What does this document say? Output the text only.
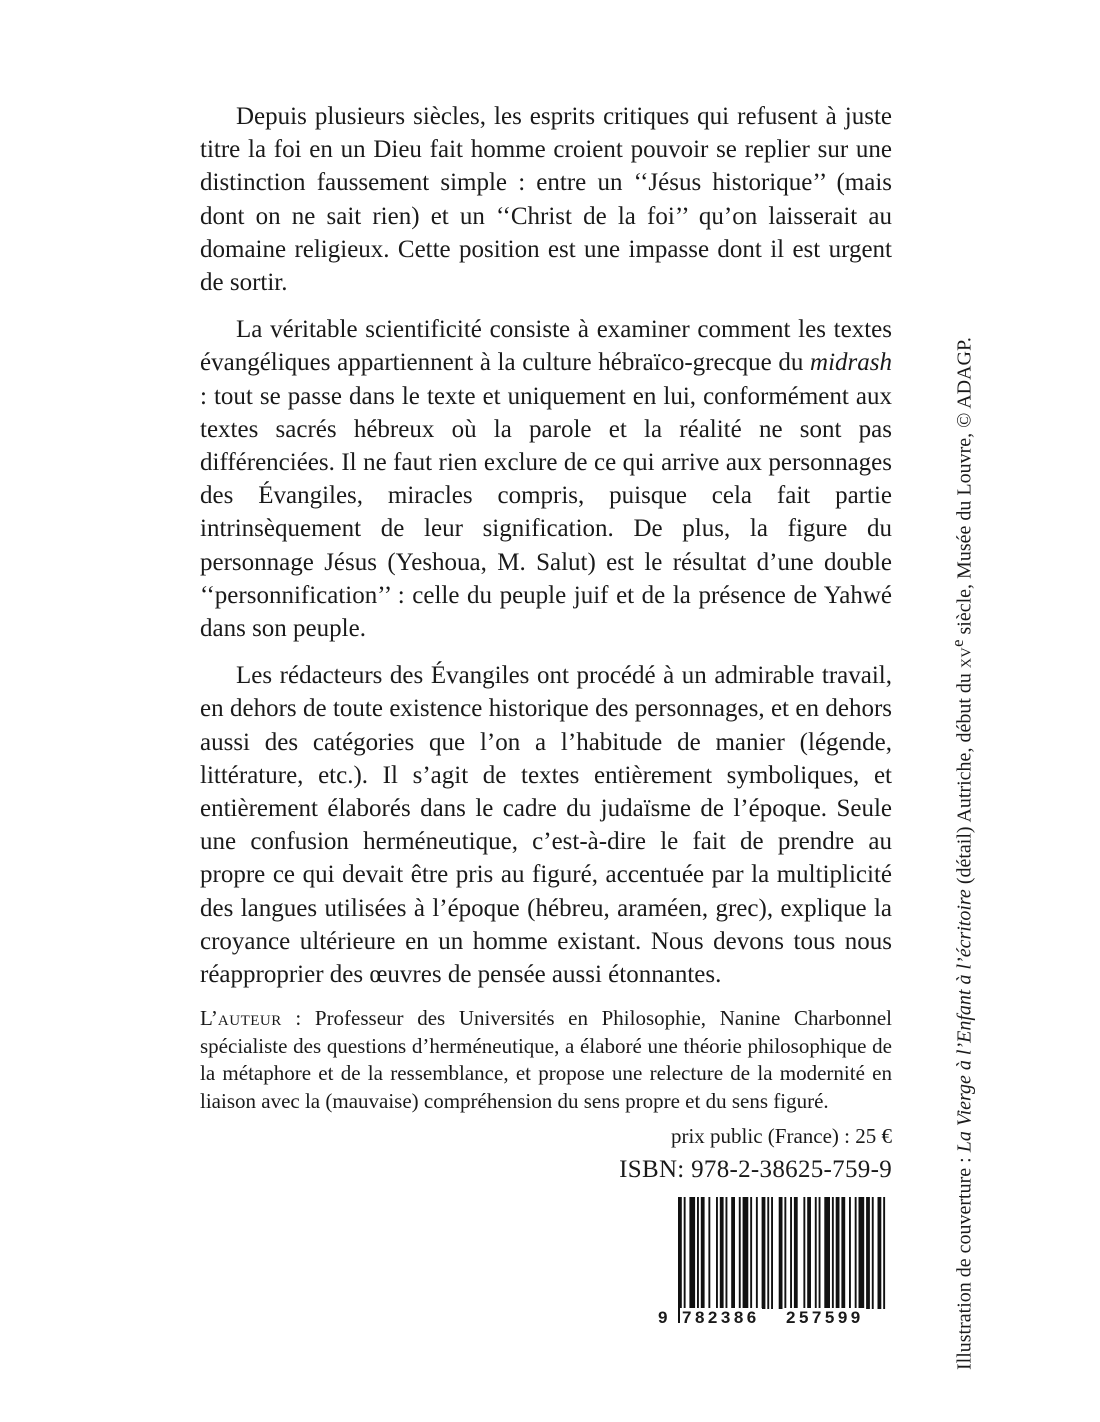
Depuis plusieurs siècles, les esprits critiques qui refusent à juste titre la foi en un Dieu fait homme croient pouvoir se replier sur une distinction faussement simple : entre un ‘‘Jésus historique’’ (mais dont on ne sait rien) et un ‘‘Christ de la foi’’ qu’on laisserait au domaine religieux. Cette position est une impasse dont il est urgent de sortir.

La véritable scientificité consiste à examiner comment les textes évangéliques appartiennent à la culture hébraïco-grecque du midrash : tout se passe dans le texte et uniquement en lui, conformément aux textes sacrés hébreux où la parole et la réalité ne sont pas différenciées. Il ne faut rien exclure de ce qui arrive aux personnages des Évangiles, miracles compris, puisque cela fait partie intrinsèquement de leur signification. De plus, la figure du personnage Jésus (Yeshoua, M. Salut) est le résultat d’une double ‘‘personnification’’ : celle du peuple juif et de la présence de Yahwé dans son peuple.

Les rédacteurs des Évangiles ont procédé à un admirable travail, en dehors de toute existence historique des personnages, et en dehors aussi des catégories que l’on a l’habitude de manier (légende, littérature, etc.). Il s’agit de textes entièrement symboliques, et entièrement élaborés dans le cadre du judaïsme de l’époque. Seule une confusion herméneutique, c’est-à-dire le fait de prendre au propre ce qui devait être pris au figuré, accentuée par la multiplicité des langues utilisées à l’époque (hébreu, araméen, grec), explique la croyance ultérieure en un homme existant. Nous devons tous nous réapproprier des œuvres de pensée aussi étonnantes.

L’auteur : Professeur des Universités en Philosophie, Nanine Charbonnel spécialiste des questions d’herméneutique, a élaboré une théorie philosophique de la métaphore et de la ressemblance, et propose une relecture de la modernité en liaison avec la (mauvaise) compréhension du sens propre et du sens figuré.

prix public (France) : 25 €
ISBN: 978-2-38625-759-9
9 782386 257599	Illustration de couverture : La Vierge à l’Enfant à l’écritoire (détail) Autriche, début du $xv^e$ siècle, Musée du Louvre, © ADAGP.
